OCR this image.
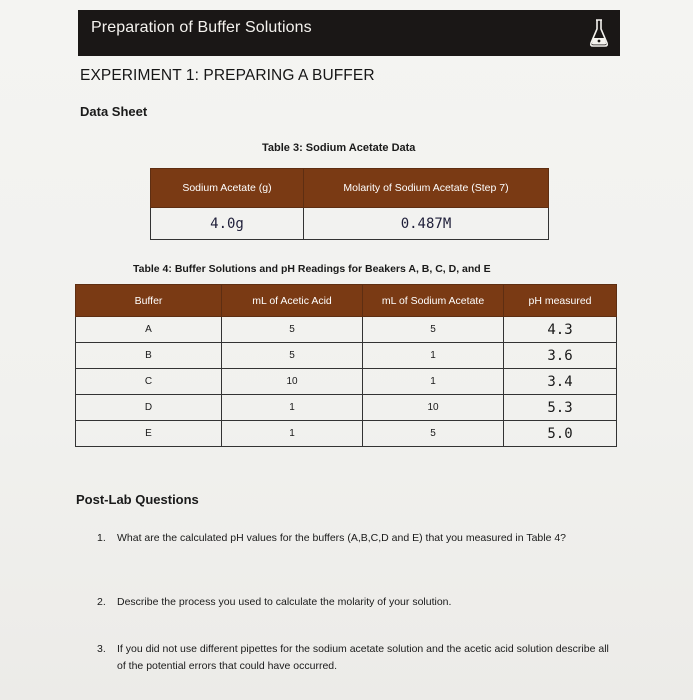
Preparation of Buffer Solutions
EXPERIMENT 1: PREPARING A BUFFER
Data Sheet
Table 3: Sodium Acetate Data
Sodium Acetate (g)	Molarity of Sodium Acetate (Step 7)
4.0g	0.487M
Table 4: Buffer Solutions and pH Readings for Beakers A, B, C, D, and E
Buffer	mL of Acetic Acid	mL of Sodium Acetate	pH measured
A	5	5	4.3
B	5	1	3.6
C	10	1	3.4
D	1	10	5.3
E	1	5	5.0
Post-Lab Questions
1. What are the calculated pH values for the buffers (A,B,C,D and E) that you measured in Table 4?
2. Describe the process you used to calculate the molarity of your solution.
3. If you did not use different pipettes for the sodium acetate solution and the acetic acid solution describe all of the potential errors that could have occurred.
